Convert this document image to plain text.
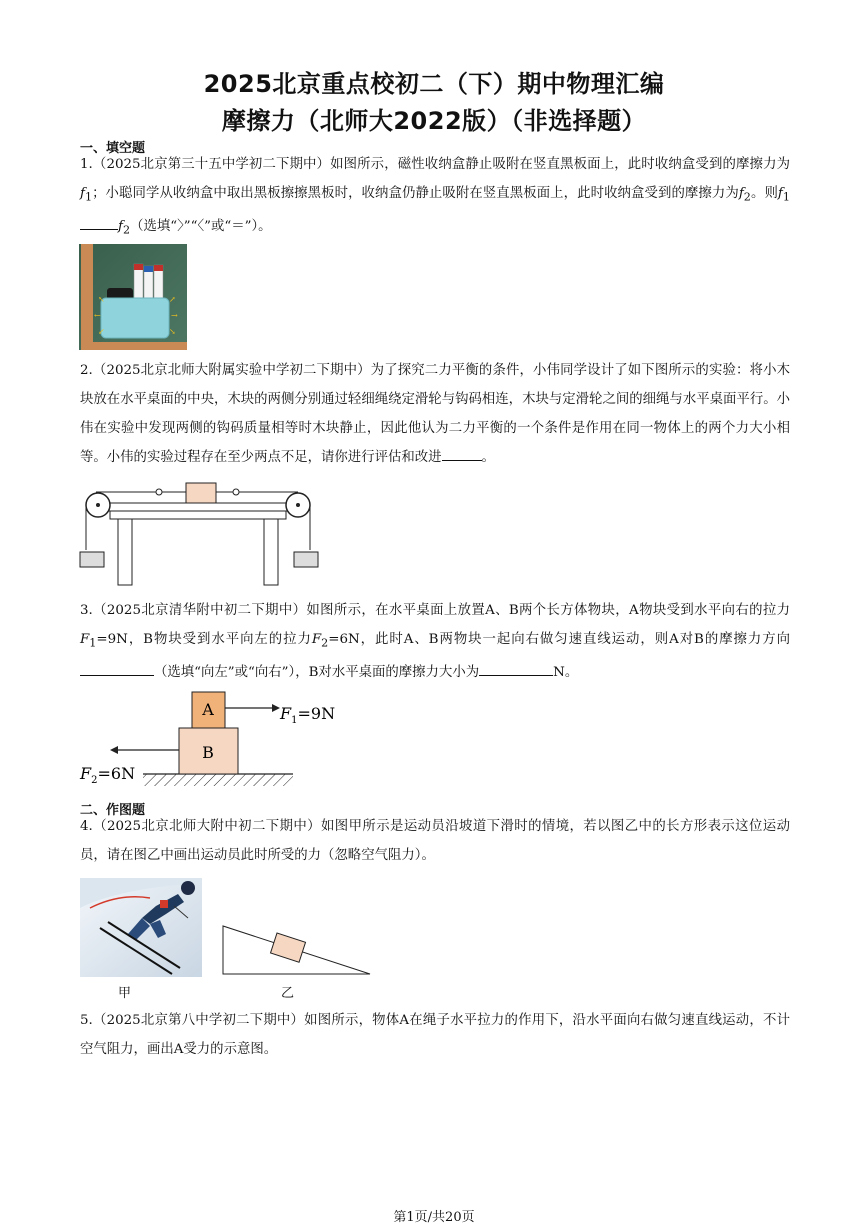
2025北京重点校初二（下）期中物理汇编
摩擦力（北师大2022版）（非选择题）
一、填空题
1.（2025北京第三十五中学初二下期中）如图所示，磁性收纳盒静止吸附在竖直黑板面上，此时收纳盒受到的摩擦力为$f_1$；小聪同学从收纳盒中取出黑板擦擦黑板时，收纳盒仍静止吸附在竖直黑板面上，此时收纳盒受到的摩擦力为$f_2$。则$f_1f_2$（选填“〉”“〈”或“＝”）。
↖
←
↙
↗
→
↘
2.（2025北京北师大附属实验中学初二下期中）为了探究二力平衡的条件，小伟同学设计了如下图所示的实验：将小木块放在水平桌面的中央，木块的两侧分别通过轻细绳绕定滑轮与钩码相连，木块与定滑轮之间的细绳与水平桌面平行。小伟在实验中发现两侧的钩码质量相等时木块静止，因此他认为二力平衡的一个条件是作用在同一物体上的两个力大小相等。小伟的实验过程存在至少两点不足，请你进行评估和改进	。
3.（2025北京清华附中初二下期中）如图所示，在水平桌面上放置A、B两个长方体物块，A物块受到水平向右的拉力$F_1=9N$，B物块受到水平向左的拉力$F_2=6N$，此时A、B两物块一起向右做匀速直线运动，则A对B的摩擦力方向（选填“向左”或“向右”），B对水平桌面的摩擦力大小为	N。
A
B
$F_1=9N$
$F_2=6N$
二、作图题
4.（2025北京北师大附中初二下期中）如图甲所示是运动员沿坡道下滑时的情境，若以图乙中的长方形表示这位运动员，请在图乙中画出运动员此时所受的力（忽略空气阻力）。
甲	乙
5.（2025北京第八中学初二下期中）如图所示，物体A在绳子水平拉力的作用下，沿水平面向右做匀速直线运动，不计空气阻力，画出A受力的示意图。
第1页/共20页
